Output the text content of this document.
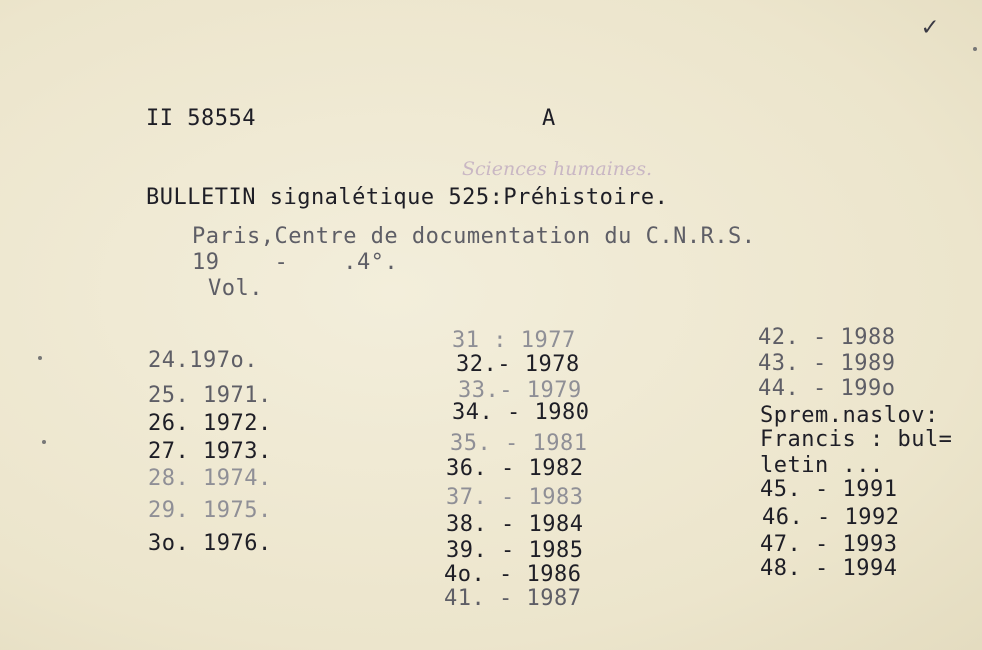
✓
II 58554	A
Sciences humaines.
BULLETIN signalétique 525:Préhistoire.
Paris,Centre de documentation du C.N.R.S.
19    -    .4°.
Vol.
24.197o.
25. 1971.
26. 1972.
27. 1973.
28. 1974.
29. 1975.
3o. 1976.
31 : 1977
32.- 1978
33.- 1979
34. - 1980
35. - 1981
36. - 1982
37. - 1983
38. - 1984
39. - 1985
4o. - 1986
41. - 1987
42. - 1988
43. - 1989
44. - 199o
Sprem.naslov:
Francis : bul=
letin ...
45. - 1991
46. - 1992
47. - 1993
48. - 1994
